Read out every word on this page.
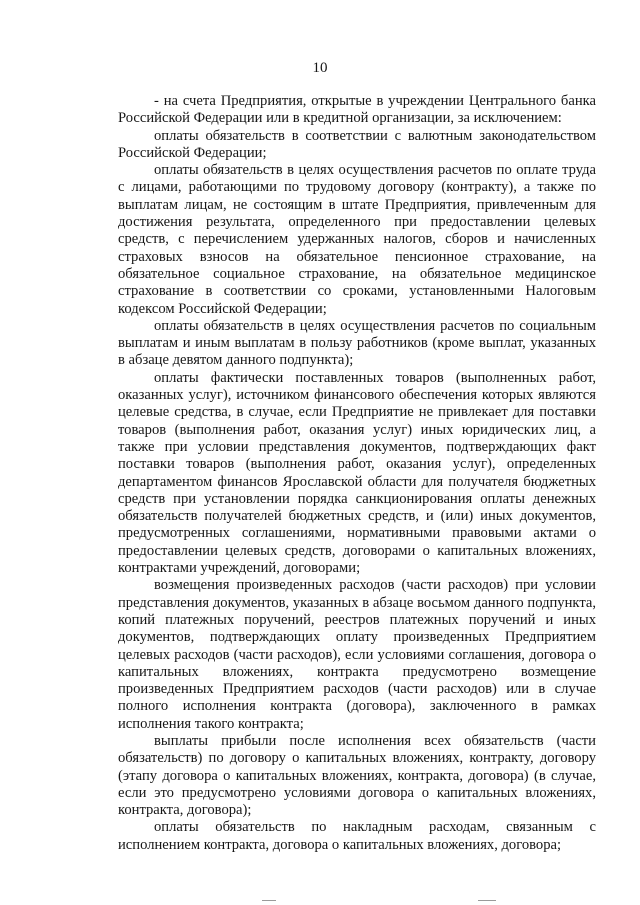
10

- на счета Предприятия, открытые в учреждении Центрального банка Российской Федерации или в кредитной организации, за исключением:

оплаты обязательств в соответствии с валютным законодательством Российской Федерации;

оплаты обязательств в целях осуществления расчетов по оплате труда с лицами, работающими по трудовому договору (контракту), а также по выплатам лицам, не состоящим в штате Предприятия, привлеченным для достижения результата, определенного при предоставлении целевых средств, с перечислением удержанных налогов, сборов и начисленных страховых взносов на обязательное пенсионное страхование, на обязательное социальное страхование, на обязательное медицинское страхование в соответствии со сроками, установленными Налоговым кодексом Российской Федерации;

оплаты обязательств в целях осуществления расчетов по социальным выплатам и иным выплатам в пользу работников (кроме выплат, указанных в абзаце девятом данного подпункта);

оплаты фактически поставленных товаров (выполненных работ, оказанных услуг), источником финансового обеспечения которых являются целевые средства, в случае, если Предприятие не привлекает для поставки товаров (выполнения работ, оказания услуг) иных юридических лиц, а также при условии представления документов, подтверждающих факт поставки товаров (выполнения работ, оказания услуг), определенных департаментом финансов Ярославской области для получателя бюджетных средств при установлении порядка санкционирования оплаты денежных обязательств получателей бюджетных средств, и (или) иных документов, предусмотренных соглашениями, нормативными правовыми актами о предоставлении целевых средств, договорами о капитальных вложениях, контрактами учреждений, договорами;

возмещения произведенных расходов (части расходов) при условии представления документов, указанных в абзаце восьмом данного подпункта, копий платежных поручений, реестров платежных поручений и иных документов, подтверждающих оплату произведенных Предприятием целевых расходов (части расходов), если условиями соглашения, договора о капитальных вложениях, контракта предусмотрено возмещение произведенных Предприятием расходов (части расходов) или в случае полного исполнения контракта (договора), заключенного в рамках исполнения такого контракта;

выплаты прибыли после исполнения всех обязательств (части обязательств) по договору о капитальных вложениях, контракту, договору (этапу договора о капитальных вложениях, контракта, договора) (в случае, если это предусмотрено условиями договора о капитальных вложениях, контракта, договора);

оплаты обязательств по накладным расходам, связанным с исполнением контракта, договора о капитальных вложениях, договора;
